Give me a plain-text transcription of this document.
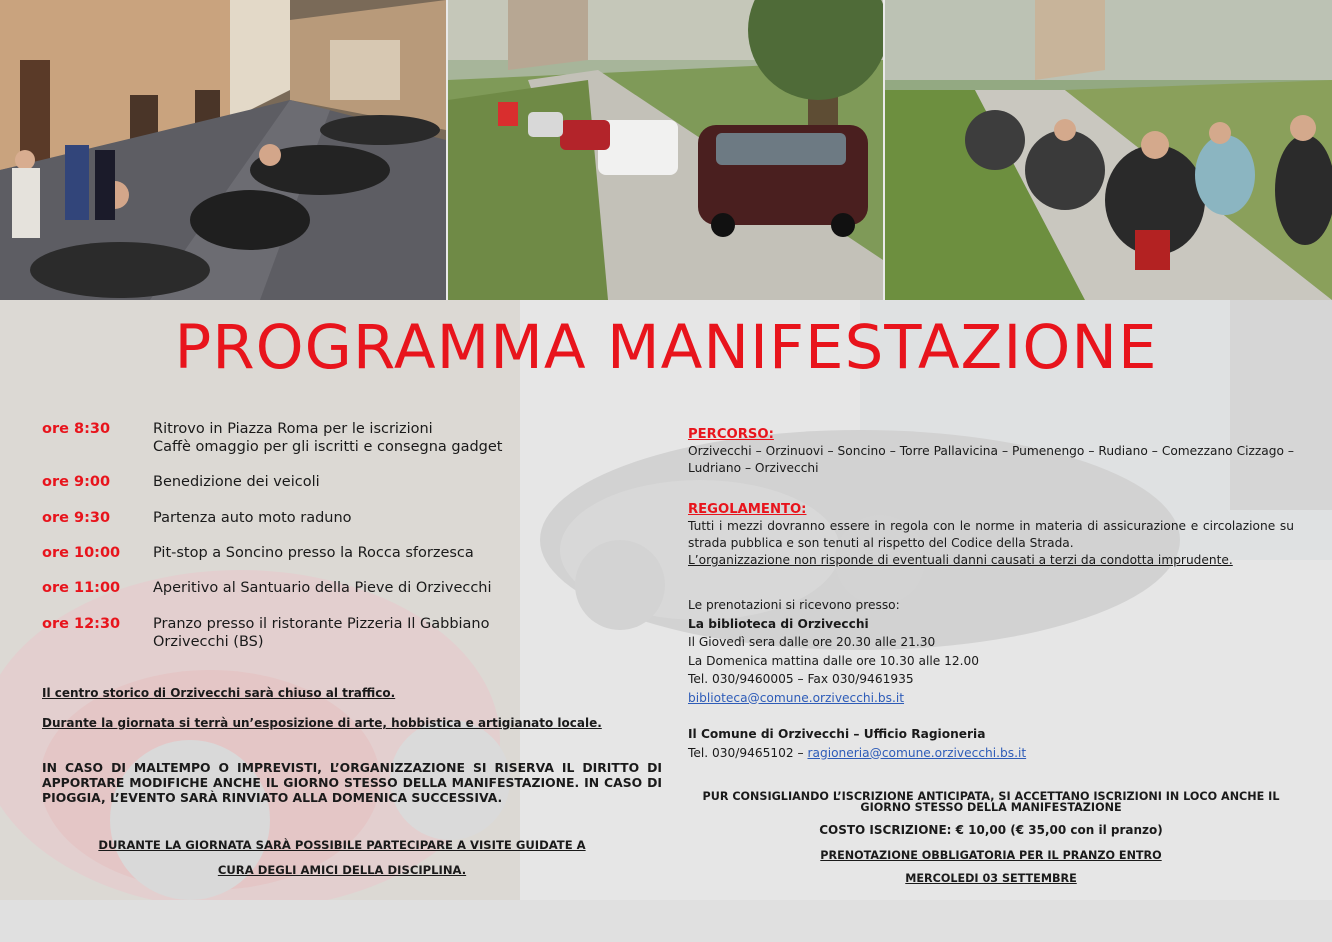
PROGRAMMA MANIFESTAZIONE
ore 8:30	Ritrovo in Piazza Roma per le iscrizioni
Caffè omaggio per gli iscritti e consegna gadget
ore 9:00	Benedizione dei veicoli
ore 9:30	Partenza auto moto raduno
ore 10:00	Pit-stop a Soncino presso la Rocca sforzesca
ore 11:00	Aperitivo al Santuario della Pieve di Orzivecchi
ore 12:30	Pranzo presso il ristorante Pizzeria Il Gabbiano
Orzivecchi (BS)
Il centro storico di Orzivecchi sarà chiuso al traffico.
Durante la giornata si terrà un’esposizione di arte, hobbistica e artigianato locale.
IN CASO DI MALTEMPO O IMPREVISTI, L’ORGANIZZAZIONE SI RISERVA IL DIRITTO DI APPORTARE MODIFICHE ANCHE IL GIORNO STESSO DELLA MANIFESTAZIONE. IN CASO DI PIOGGIA, L’EVENTO SARÀ RINVIATO ALLA DOMENICA SUCCESSIVA.
DURANTE LA GIORNATA SARÀ POSSIBILE PARTECIPARE A VISITE GUIDATE A
CURA DEGLI AMICI DELLA DISCIPLINA.
PERCORSO:
Orzivecchi – Orzinuovi – Soncino – Torre Pallavicina – Pumenengo – Rudiano – Comezzano Cizzago – Ludriano – Orzivecchi
REGOLAMENTO:
Tutti i mezzi dovranno essere in regola con le norme in materia di assicurazione e circolazione su strada pubblica e son tenuti al rispetto del Codice della Strada.
L’organizzazione non risponde di eventuali danni causati a terzi da condotta imprudente.
Le prenotazioni si ricevono presso:
La biblioteca di Orzivecchi
Il Giovedì sera dalle ore 20.30 alle 21.30
La Domenica mattina dalle ore 10.30 alle 12.00
Tel. 030/9460005 – Fax 030/9461935
biblioteca@comune.orzivecchi.bs.it
Il Comune di Orzivecchi – Ufficio Ragioneria
Tel. 030/9465102 – ragioneria@comune.orzivecchi.bs.it
PUR CONSIGLIANDO L’ISCRIZIONE ANTICIPATA, SI ACCETTANO ISCRIZIONI IN LOCO ANCHE IL GIORNO STESSO DELLA MANIFESTAZIONE
COSTO ISCRIZIONE: € 10,00 (€ 35,00 con il pranzo)
PRENOTAZIONE OBBLIGATORIA PER IL PRANZO ENTRO
MERCOLEDI 03 SETTEMBRE
